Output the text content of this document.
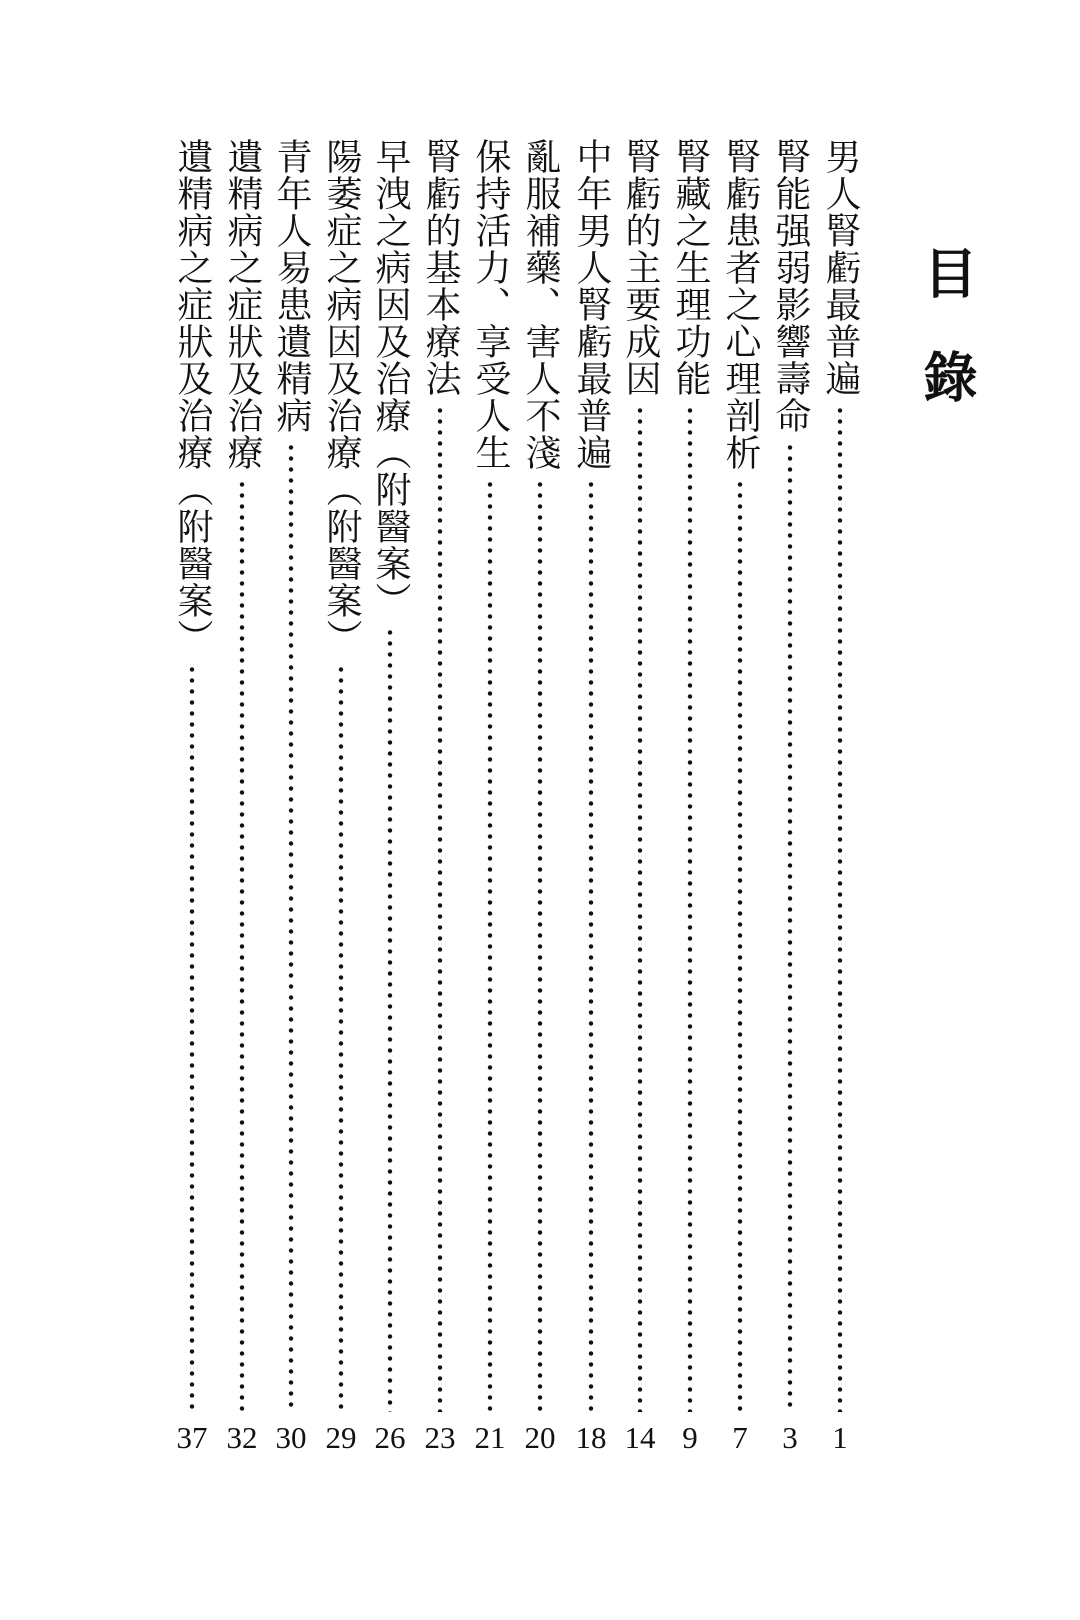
目錄
男人腎虧最普遍
1
腎能强弱影響壽命
3
腎虧患者之心理剖析
7
腎藏之生理功能
9
腎虧的主要成因
14
中年男人腎虧最普遍
18
亂服補藥、害人不淺
20
保持活力、享受人生
21
腎虧的基本療法
23
早洩之病因及治療（附醫案）
26
陽萎症之病因及治療（附醫案）
29
青年人易患遺精病
30
遺精病之症狀及治療
32
遺精病之症狀及治療（附醫案）
37
